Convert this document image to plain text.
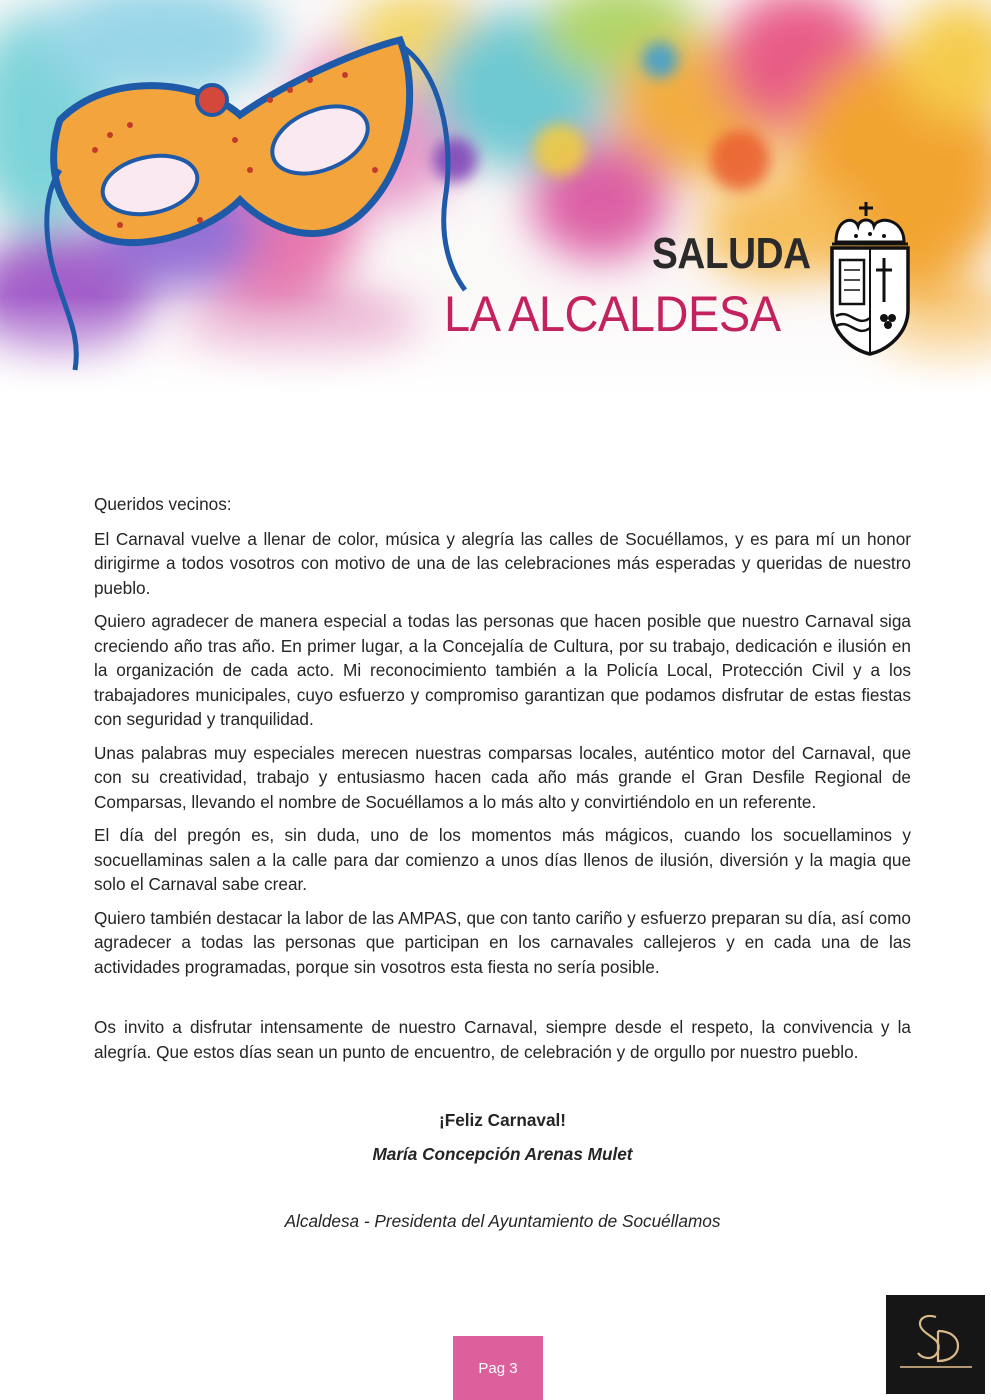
SALUDA
LA ALCALDESA

Queridos vecinos:

El Carnaval vuelve a llenar de color, música y alegría las calles de Socuéllamos, y es para mí un honor dirigirme a todos vosotros con motivo de una de las celebraciones más esperadas y queridas de nuestro pueblo.

Quiero agradecer de manera especial a todas las personas que hacen posible que nuestro Carnaval siga creciendo año tras año. En primer lugar, a la Concejalía de Cultura, por su trabajo, dedicación e ilusión en la organización de cada acto. Mi reconocimiento también a la Policía Local, Protección Civil y a los trabajadores municipales, cuyo esfuerzo y compromiso garantizan que podamos disfrutar de estas fiestas con seguridad y tranquilidad.

Unas palabras muy especiales merecen nuestras comparsas locales, auténtico motor del Carnaval, que con su creatividad, trabajo y entusiasmo hacen cada año más grande el Gran Desfile Regional de Comparsas, llevando el nombre de Socuéllamos a lo más alto y convirtiéndolo en un referente.

El día del pregón es, sin duda, uno de los momentos más mágicos, cuando los socuellaminos y socuellaminas salen a la calle para dar comienzo a unos días llenos de ilusión, diversión y la magia que solo el Carnaval sabe crear.

Quiero también destacar la labor de las AMPAS, que con tanto cariño y esfuerzo preparan su día, así como agradecer a todas las personas que participan en los carnavales callejeros y en cada una de las actividades programadas, porque sin vosotros esta fiesta no sería posible.

Os invito a disfrutar intensamente de nuestro Carnaval, siempre desde el respeto, la convivencia y la alegría. Que estos días sean un punto de encuentro, de celebración y de orgullo por nuestro pueblo.

¡Feliz Carnaval!
María Concepción Arenas Mulet
Alcaldesa - Presidenta del Ayuntamiento de Socuéllamos
Pag 3
